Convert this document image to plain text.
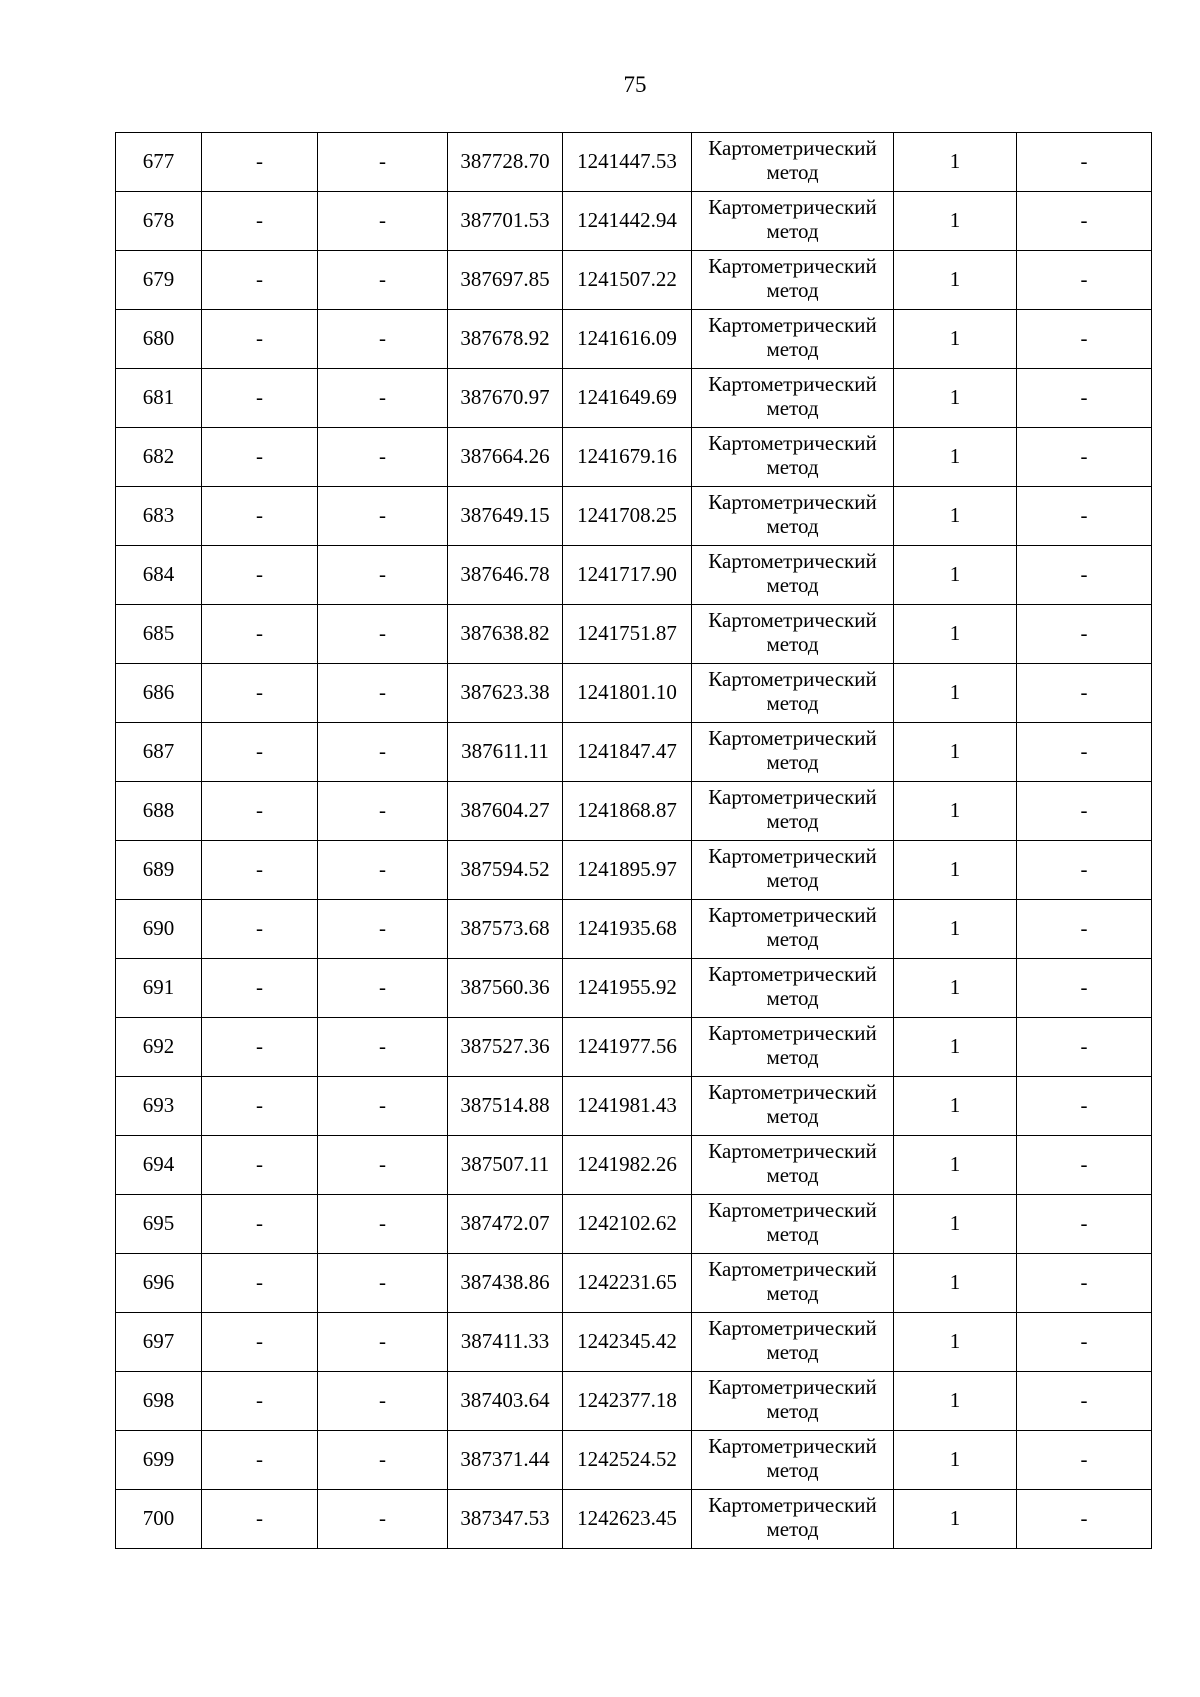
75
677	-	-	387728.70	1241447.53	Картометрический метод	1	-
678	-	-	387701.53	1241442.94	Картометрический метод	1	-
679	-	-	387697.85	1241507.22	Картометрический метод	1	-
680	-	-	387678.92	1241616.09	Картометрический метод	1	-
681	-	-	387670.97	1241649.69	Картометрический метод	1	-
682	-	-	387664.26	1241679.16	Картометрический метод	1	-
683	-	-	387649.15	1241708.25	Картометрический метод	1	-
684	-	-	387646.78	1241717.90	Картометрический метод	1	-
685	-	-	387638.82	1241751.87	Картометрический метод	1	-
686	-	-	387623.38	1241801.10	Картометрический метод	1	-
687	-	-	387611.11	1241847.47	Картометрический метод	1	-
688	-	-	387604.27	1241868.87	Картометрический метод	1	-
689	-	-	387594.52	1241895.97	Картометрический метод	1	-
690	-	-	387573.68	1241935.68	Картометрический метод	1	-
691	-	-	387560.36	1241955.92	Картометрический метод	1	-
692	-	-	387527.36	1241977.56	Картометрический метод	1	-
693	-	-	387514.88	1241981.43	Картометрический метод	1	-
694	-	-	387507.11	1241982.26	Картометрический метод	1	-
695	-	-	387472.07	1242102.62	Картометрический метод	1	-
696	-	-	387438.86	1242231.65	Картометрический метод	1	-
697	-	-	387411.33	1242345.42	Картометрический метод	1	-
698	-	-	387403.64	1242377.18	Картометрический метод	1	-
699	-	-	387371.44	1242524.52	Картометрический метод	1	-
700	-	-	387347.53	1242623.45	Картометрический метод	1	-
